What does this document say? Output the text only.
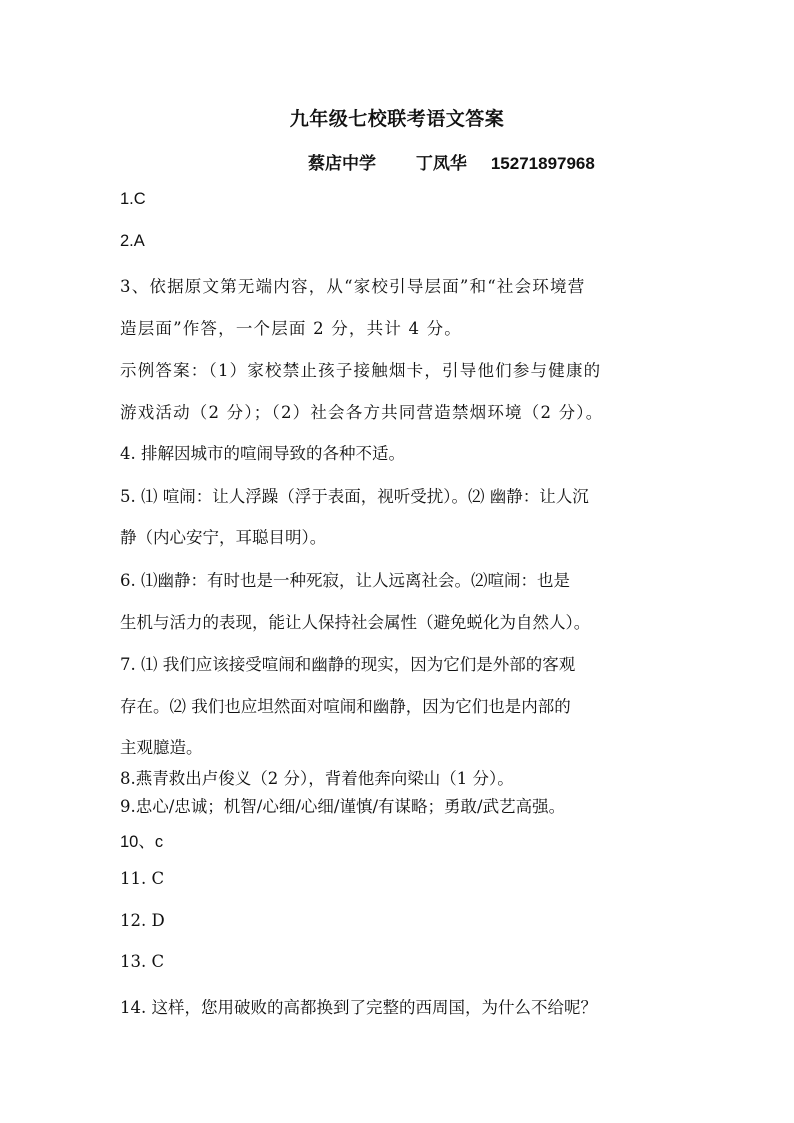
九年级七校联考语文答案
蔡店中学 丁凤华 15271897968
1.C
2.A
3、依据原文第无端内容，从“家校引导层面”和“社会环境营
造层面”作答，一个层面 2 分，共计 4 分。
示例答案：（1）家校禁止孩子接触烟卡，引导他们参与健康的
游戏活动（2 分）；（2）社会各方共同营造禁烟环境（2 分）。
4. 排解因城市的喧闹导致的各种不适。
5. ⑴ 喧闹：让人浮躁（浮于表面，视听受扰）。⑵ 幽静：让人沉
静（内心安宁，耳聪目明）。
6. ⑴幽静：有时也是一种死寂，让人远离社会。⑵喧闹：也是
生机与活力的表现，能让人保持社会属性（避免蜕化为自然人）。
7. ⑴ 我们应该接受喧闹和幽静的现实，因为它们是外部的客观
存在。⑵ 我们也应坦然面对喧闹和幽静，因为它们也是内部的
主观臆造。
8.燕青救出卢俊义（2 分），背着他奔向梁山（1 分）。
9.忠心/忠诚；机智/心细/心细/谨慎/有谋略；勇敢/武艺高强。
10、c
11. C
12. D
13. C
14. 这样，您用破败的高都换到了完整的西周国，为什么不给呢？
